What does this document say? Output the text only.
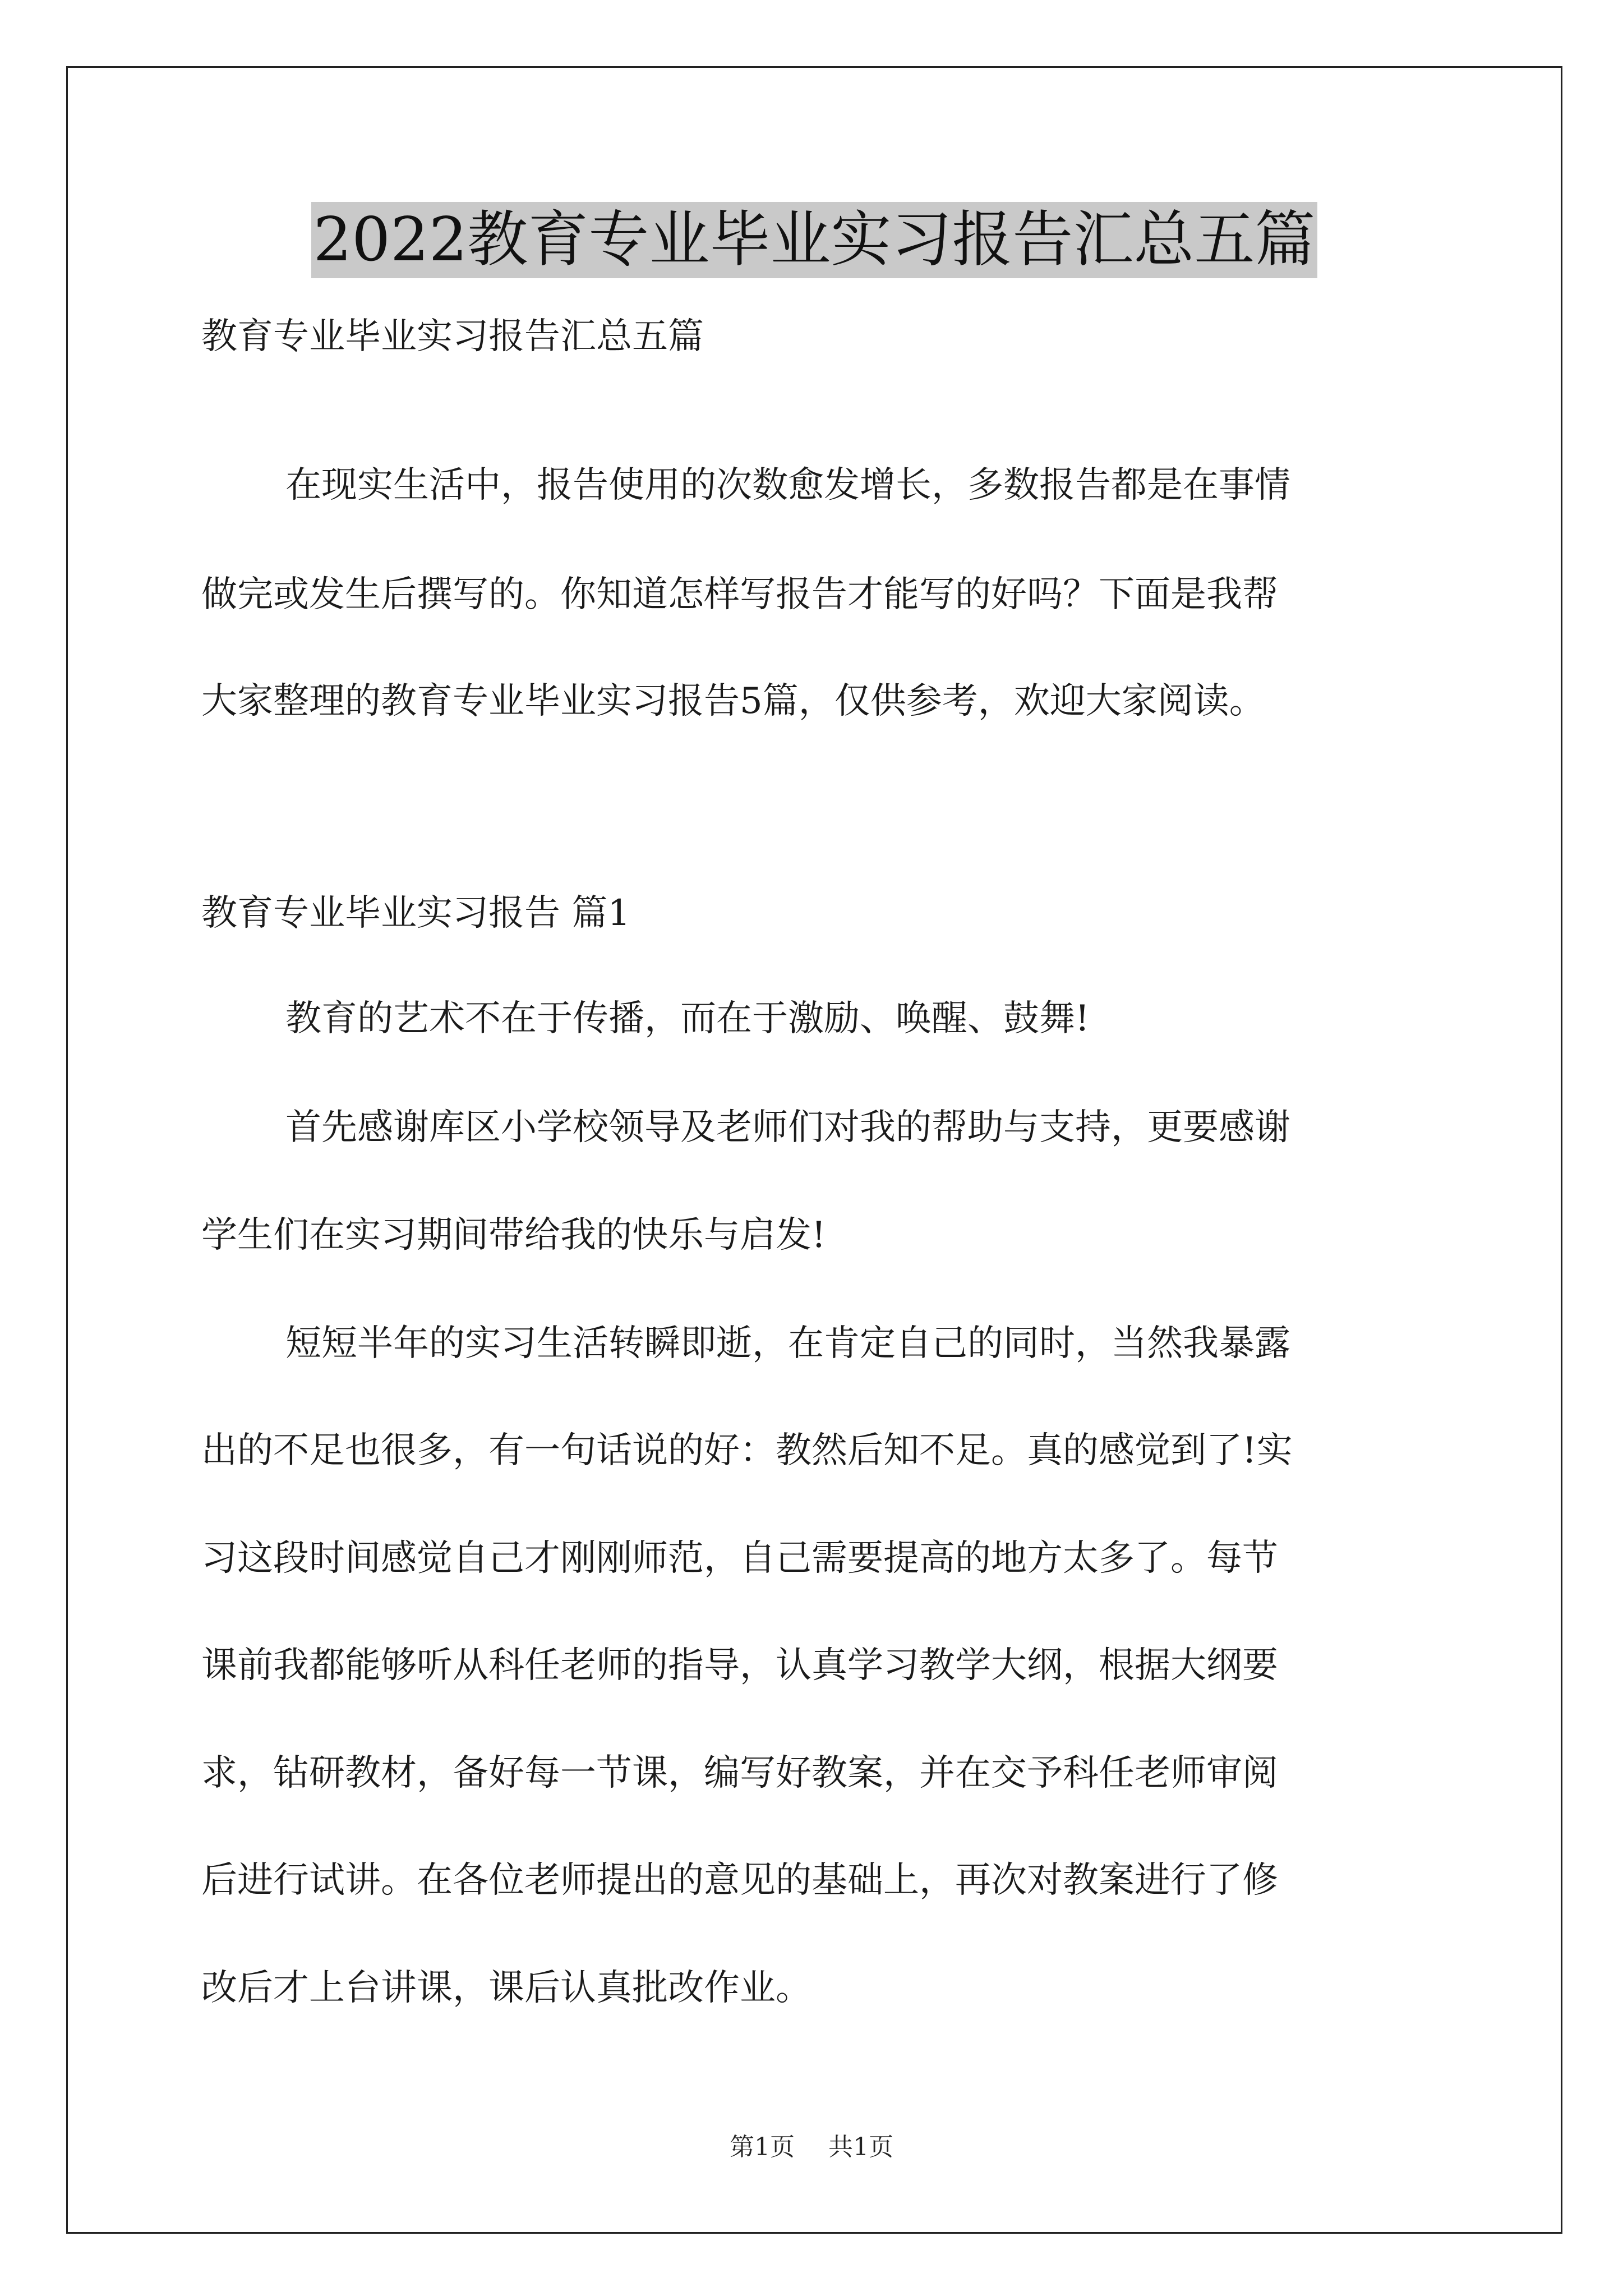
2022教育专业毕业实习报告汇总五篇
教育专业毕业实习报告汇总五篇
在现实生活中，报告使用的次数愈发增长，多数报告都是在事情
做完或发生后撰写的。你知道怎样写报告才能写的好吗？下面是我帮
大家整理的教育专业毕业实习报告5篇，仅供参考，欢迎大家阅读。
教育专业毕业实习报告 篇1
教育的艺术不在于传播，而在于激励、唤醒、鼓舞!
首先感谢库区小学校领导及老师们对我的帮助与支持，更要感谢
学生们在实习期间带给我的快乐与启发!
短短半年的实习生活转瞬即逝，在肯定自己的同时，当然我暴露
出的不足也很多，有一句话说的好：教然后知不足。真的感觉到了!实
习这段时间感觉自己才刚刚师范，自己需要提高的地方太多了。每节
课前我都能够听从科任老师的指导，认真学习教学大纲，根据大纲要
求，钻研教材，备好每一节课，编写好教案，并在交予科任老师审阅
后进行试讲。在各位老师提出的意见的基础上，再次对教案进行了修
改后才上台讲课，课后认真批改作业。
第1页 共1页
